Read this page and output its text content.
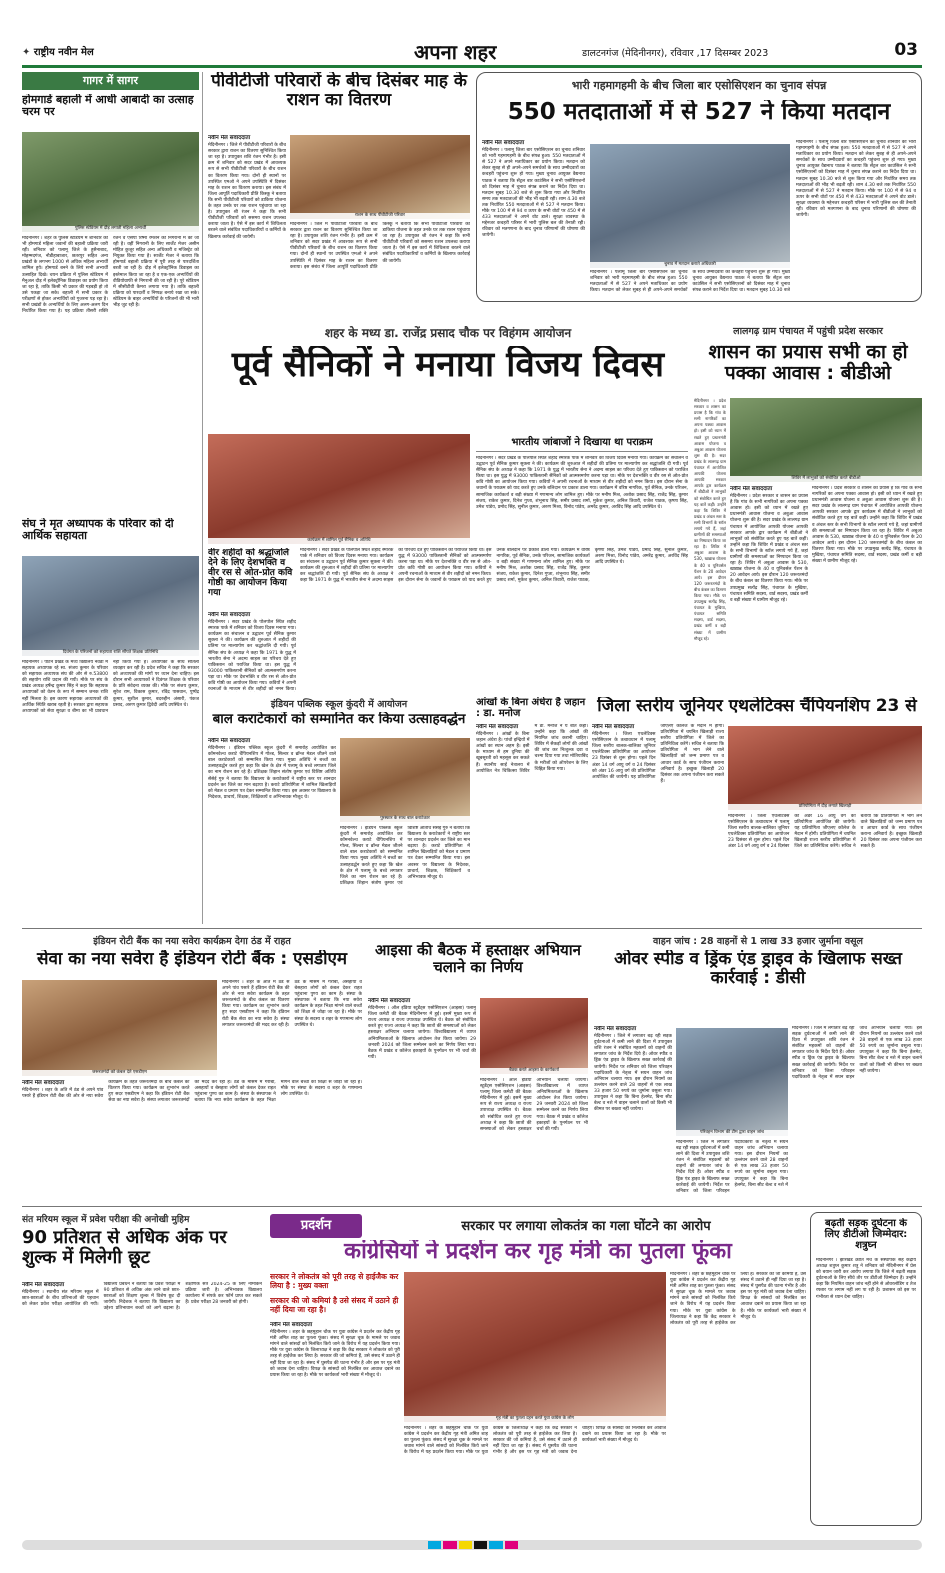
✦ राष्ट्रीय नवीन मेल	अपना शहर	डालटनगंज (मेदिनीनगर), रविवार ,17 दिसम्बर 2023	03
गागर में सागर
होमगार्ड बहाली में आधी आबादी का उत्साह चरम पर
पुलिस स्टेडियम में दौड़ लगाती महिला अभ्यर्थी

मेदिनीनगर । शहर के पुलिस स्टेडियम में शनिवार को भी होमगार्ड महिला जवानों की बहाली प्रक्रिया जारी रही। शनिवार को पलामू जिले के हुसैनाबाद, मोहम्मदगंज, नौडीहाबाजार, छतरपुर सहित अन्य प्रखंडों के लगभग 1000 से अधिक महिला अभ्यर्थी शामिल हुये। होमगार्ड बनने के लिये सभी अभ्यर्थी उत्साहित दिखे। चयन प्रक्रिया में पुलिस स्टेडियम में मैनुअल दौड़ में इलेक्ट्रॉनिक डिवाइस का प्रयोग किया जा रहा है, ताकि किसी भी प्रकार की गड़बड़ी हो तो उसे पकड़ा जा सके। बहाली में सभी प्रकार के परीक्षणों से होकर अभ्यर्थियों को गुजरना पड़ रहा है। सभी प्रखंडों के अभ्यर्थियों के लिए अलग-अलग दिन निर्धारित किया गया है। यह प्रक्रिया तीसरी शक्ति रंजन व एसपी रिष्मा रमेशन की निगरानी में की जा रही है। वहीं निगरानी के लिए सार्जेंट मेजर असीम मोहित कुजूर सहित अन्य अधिकारी व मजिस्ट्रेट को नियुक्त किया गया है। सार्जेंट मेजर ने बताया कि होमगार्ड बहाली प्रक्रिया में पूरी तरह से पारदर्शिता बरती जा रही है। दौड़ में इलेक्ट्रॉनिक डिवाइस का इस्तेमाल किया जा रहा है व एक-एक अभ्यर्थियों की वीडियोग्राफी से निगरानी की जा रही है। पूरे स्टेडियम में सीसीटीवी कैमरा लगाया गया है। ताकि बहाली प्रक्रिया को पारदर्शी व निष्पक्ष बनाये रखा जा सके। स्टेडियम के बाहर अभ्यर्थियों के परिजनों की भी भारी भीड़ जुट रही है।

संघ ने मृत अध्यापक के परिवार को दी आर्थिक सहायता
दिवंगत के परिजनों को सहायता राशि सौंपते शिक्षक प्रतिनिधि

मेदिनीनगर । पाटन प्रखंड के मध्य विद्यालय नवडा में सहायक अध्यापक रहे स्व. संजय कुमार के परिवार को सहायक अध्यापक संघ की ओर से रु.53800 की सहयोग राशि प्रदान की गयी। मौके पर संघ के प्रखंड अध्यक्ष हर्षेन्द्र कुमार सिंह ने कहा कि सहायक अध्यापकों को वेतन के रूप में सम्मान जनक राशि नहीं मिलता है। इस कारण सहायक अध्यापकों की आर्थिक स्थिति खराब रहती है। सरकार द्वारा सहायक अध्यापकों को सेवा सुरक्षा व बीमा का भी प्रावधान नहीं किया गया है। अध्यापकों के साथ सौतेला व्यवहार कर रही है। प्रदेश सचिव ने कहा कि सरकार को अध्यापकों की मांगों पर ध्यान देना चाहिए। इस दौरान सभी अध्यापकों ने दिवंगत शिक्षक के परिवार के प्रति संवेदना व्यक्त की। मौके पर संजय कुमार, सुरेश राम, विकास कुमार, रविंद्र पासवान, पुष्पेंद्र कुमार, सुशील कुमार, बदरुद्दीन अंसारी, पंकज प्रसाद, अरुण कुमार द्विवेदी आदि उपस्थित थे।

पीवीटीजी परिवारों के बीच दिसंबर माह के राशन का वितरण
नवीन मेल संवाददाता

मेदिनीनगर । जिले में पीवीटीजी परिवारों के बीच सरकार द्वारा राशन का वितरण सुनिश्चित किया जा रहा है। उपायुक्त शशि रंजन गंभीर है। इसी क्रम में शनिवार को सदर प्रखंड में आवश्यक रूप से सभी पीवीटीजी परिवारों के बीच राशन का वितरण किया गया। दोनों ही स्थानों पर उपस्थित एमओ ने अपने उपस्थिति में दिसंबर माह के राशन का वितरण कराया। इस संबंध में जिला आपूर्ति पदाधिकारी प्रीति किस्कू ने बताया कि सभी पीवीटीजी परिवारों को डाकिया योजना के तहत उनके घर तक राशन पहुंचाया जा रहा है। उपायुक्त श्री रंजन ने कहा कि सभी पीवीटीजी परिवारों को ससमय राशन उपलब्ध कराया जाता है। ऐसे में इस कार्य में शिथिलता बरतने वाले संबंधित पदाधिकारियों व कर्मियों के खिलाफ कार्रवाई की जायेगी।

राशन के साथ पीवीटीजी परिवार

मेदिनीनगर । जिले में पीवीटीजी परिवारों के बीच सरकार द्वारा राशन का वितरण सुनिश्चित किया जा रहा है। उपायुक्त शशि रंजन गंभीर है। इसी क्रम में शनिवार को सदर प्रखंड में आवश्यक रूप से सभी पीवीटीजी परिवारों के बीच राशन का वितरण किया गया। दोनों ही स्थानों पर उपस्थित एमओ ने अपने उपस्थिति में दिसंबर माह के राशन का वितरण कराया। इस संबंध में जिला आपूर्ति पदाधिकारी प्रीति किस्कू ने बताया कि सभी पीवीटीजी परिवारों को डाकिया योजना के तहत उनके घर तक राशन पहुंचाया जा रहा है। उपायुक्त श्री रंजन ने कहा कि सभी पीवीटीजी परिवारों को ससमय राशन उपलब्ध कराया जाता है। ऐसे में इस कार्य में शिथिलता बरतने वाले संबंधित पदाधिकारियों व कर्मियों के खिलाफ कार्रवाई की जायेगी।

भारी गहमागहमी के बीच जिला बार एसोसिएशन का चुनाव संपन्न
550 मतदाताओं में से 527 ने किया मतदान
नवीन मेल संवाददाता

मेदिनीनगर । पलामू जिला बार एसोसिएशन का चुनाव शनिवार को भारी गहमागहमी के बीच संपन्न हुआ। 550 मतदाताओं में से 527 ने अपने मताधिकार का प्रयोग किया। मतदान को लेकर सुबह से ही अपने-अपने समर्थकों के साथ उम्मीदवारों का कचहरी पहुंचना शुरू हो गया। मुख्य चुनाव आयुक्त वैद्यनाथ पाठक ने बताया कि सेंट्रल बार काउंसिल ने सभी एसोसिएशनों को दिसंबर माह में चुनाव संपन्न कराने का निर्देश दिया था। मतदान सुबह 10.30 बजे से शुरू किया गया और निर्धारित समय तक मतदाताओं की भीड़ भी बढ़ती रही। शाम 4.30 बजे तक निर्धारित 550 मतदाताओं में से 527 ने मतदान किया। मौके पर 100 में से 94 व ऊपर के सभी वोटों पर 450 में से 433 मतदाताओं ने अपने वोट डाले। सुरक्षा व्यवस्था के मद्देनजर कचहरी परिसर में भारी पुलिस बल की तैनाती रही। रविवार को मतगणना के बाद चुनाव परिणामों की घोषणा की जायेगी।

चुनाव में मतदान कराते अधिकारी

मेदिनीनगर । पलामू जिला बार एसोसिएशन का चुनाव शनिवार को भारी गहमागहमी के बीच संपन्न हुआ। 550 मतदाताओं में से 527 ने अपने मताधिकार का प्रयोग किया। मतदान को लेकर सुबह से ही अपने-अपने समर्थकों के साथ उम्मीदवारों का कचहरी पहुंचना शुरू हो गया। मुख्य चुनाव आयुक्त वैद्यनाथ पाठक ने बताया कि सेंट्रल बार काउंसिल ने सभी एसोसिएशनों को दिसंबर माह में चुनाव संपन्न कराने का निर्देश दिया था। मतदान सुबह 10.30 बजे

मेदिनीनगर । पलामू जिला बार एसोसिएशन का चुनाव शनिवार को भारी गहमागहमी के बीच संपन्न हुआ। 550 मतदाताओं में से 527 ने अपने मताधिकार का प्रयोग किया। मतदान को लेकर सुबह से ही अपने-अपने समर्थकों के साथ उम्मीदवारों का कचहरी पहुंचना शुरू हो गया। मुख्य चुनाव आयुक्त वैद्यनाथ पाठक ने बताया कि सेंट्रल बार काउंसिल ने सभी एसोसिएशनों को दिसंबर माह में चुनाव संपन्न कराने का निर्देश दिया था। मतदान सुबह 10.30 बजे से शुरू किया गया और निर्धारित समय तक मतदाताओं की भीड़ भी बढ़ती रही। शाम 4.30 बजे तक निर्धारित 550 मतदाताओं में से 527 ने मतदान किया। मौके पर 100 में से 94 व ऊपर के सभी वोटों पर 450 में से 433 मतदाताओं ने अपने वोट डाले। सुरक्षा व्यवस्था के मद्देनजर कचहरी परिसर में भारी पुलिस बल की तैनाती रही। रविवार को मतगणना के बाद चुनाव परिणामों की घोषणा की जायेगी।

शहर के मध्य डा. राजेंद्र प्रसाद चौक पर विहंगम आयोजन
पूर्व सैनिकों ने मनाया विजय दिवस
कार्यक्रम में शामिल पूर्व सैनिक व अतिथि
भारतीय जांबाजों ने दिखाया था पराक्रम

मेदिनीनगर । सदर प्रखंड के पोलपोल स्थित शहीद स्मारक पार्क में शनिवार को विजय दिवस मनाया गया। कार्यक्रम का संचालन व उद्घाटन पूर्व सैनिक कुमार सुक्ला ने की। कार्यक्रम की शुरुआत में शहीदों की प्रतिमा पर माल्यार्पण कर श्रद्धांजलि दी गयी। पूर्व सैनिक संघ के अध्यक्ष ने कहा कि 1971 के युद्ध में भारतीय सेना ने अदम्य साहस का परिचय देते हुए पाकिस्तान को पराजित किया था। इस युद्ध में 93000 पाकिस्तानी सैनिकों को आत्मसमर्पण करना पड़ा था। मौके पर देशभक्ति व वीर रस से ओत-प्रोत कवि गोष्ठी का आयोजन किया गया। कवियों ने अपनी रचनाओं के माध्यम से वीर शहीदों को नमन किया। इस दौरान सेना के जवानों के पराक्रम को याद करते हुए उनके बलिदान पर प्रकाश डाला गया। कार्यक्रम में वरिष्ठ नागरिक, पूर्व सैनिक, उनके परिजन, सामाजिक कार्यकर्ता व बड़ी संख्या में गणमान्य लोग शामिल हुए। मौके पर मनीष मिश्र, अशोक प्रसाद सिंह, राजेंद्र सिंह, कुमार संजय, राकेश कुमार, दिनेश गुप्ता, शंभूनाथ सिंह, समीर प्रसाद शर्मा, मुकेश कुमार, अनिल तिवारी, राजेश पाठक, कृष्णा सिंह, उमेश पांडेय, प्रमोद सिंह, सुनील कुमार, अरुण मिश्रा, विनोद पांडेय, अमरेंद्र कुमार, अरविंद सिंह आदि उपस्थित थे।

वीर शहीदों को श्रद्धांजलि देने के लिए देशभक्ति व वीर रस से ओत-प्रोत कवि गोष्ठी का आयोजन किया गया
नवीन मेल संवाददाता

मेदिनीनगर । सदर प्रखंड के पोलपोल स्थित शहीद स्मारक पार्क में शनिवार को विजय दिवस मनाया गया। कार्यक्रम का संचालन व उद्घाटन पूर्व सैनिक कुमार सुक्ला ने की। कार्यक्रम की शुरुआत में शहीदों की प्रतिमा पर माल्यार्पण कर श्रद्धांजलि दी गयी। पूर्व सैनिक संघ के अध्यक्ष ने कहा कि 1971 के युद्ध में भारतीय सेना ने अदम्य साहस का परिचय देते हुए पाकिस्तान को पराजित किया था। इस युद्ध में 93000 पाकिस्तानी सैनिकों को आत्मसमर्पण करना पड़ा था। मौके पर देशभक्ति व वीर रस से ओत-प्रोत कवि गोष्ठी का आयोजन किया गया। कवियों ने अपनी रचनाओं के माध्यम से वीर शहीदों को नमन किया।

मेदिनीनगर । सदर प्रखंड के पोलपोल स्थित शहीद स्मारक पार्क में शनिवार को विजय दिवस मनाया गया। कार्यक्रम का संचालन व उद्घाटन पूर्व सैनिक कुमार सुक्ला ने की। कार्यक्रम की शुरुआत में शहीदों की प्रतिमा पर माल्यार्पण कर श्रद्धांजलि दी गयी। पूर्व सैनिक संघ के अध्यक्ष ने कहा कि 1971 के युद्ध में भारतीय सेना ने अदम्य साहस का परिचय देते हुए पाकिस्तान को पराजित किया था। इस युद्ध में 93000 पाकिस्तानी सैनिकों को आत्मसमर्पण करना पड़ा था। मौके पर देशभक्ति व वीर रस से ओत-प्रोत कवि गोष्ठी का आयोजन किया गया। कवियों ने अपनी रचनाओं के माध्यम से वीर शहीदों को नमन किया। इस दौरान सेना के जवानों के पराक्रम को याद करते हुए उनके बलिदान पर प्रकाश डाला गया। कार्यक्रम में वरिष्ठ नागरिक, पूर्व सैनिक, उनके परिजन, सामाजिक कार्यकर्ता व बड़ी संख्या में गणमान्य लोग शामिल हुए। मौके पर मनीष मिश्र, अशोक प्रसाद सिंह, राजेंद्र सिंह, कुमार संजय, राकेश कुमार, दिनेश गुप्ता, शंभूनाथ सिंह, समीर प्रसाद शर्मा, मुकेश कुमार, अनिल तिवारी, राजेश पाठक, कृष्णा सिंह, उमेश पांडेय, प्रमोद सिंह, सुनील कुमार, अरुण मिश्रा, विनोद पांडेय, अमरेंद्र कुमार, अरविंद सिंह आदि उपस्थित थे।

लालगढ़ ग्राम पंचायत में पहुंची प्रदेश सरकार
शासन का प्रयास सभी का हो पक्का आवास : बीडीओ
शिविर में लाभुकों को संबोधित करते बीडीओ
नवीन मेल संवाददाता

मेदिनीनगर । प्रदेश सरकार व शासन का प्रयास है कि गांव के सभी नागरिकों का अपना पक्का आवास हो। इसी को ध्यान में रखते हुए प्रधानमंत्री आवास योजना व अबुआ आवास योजना शुरू की है। सदर प्रखंड के लालगढ़ ग्राम पंचायत में आयोजित आपकी योजना आपकी सरकार आपके द्वार कार्यक्रम में बीडीओ ने लाभुकों को संबोधित करते हुए यह बातें कहीं। उन्होंने कहा कि शिविर में प्रखंड व अंचल स्तर के सभी विभागों के स्टॉल लगाये गये हैं, जहां ग्रामीणों की समस्याओं का निष्पादन किया जा रहा है। शिविर में अबुआ आवास के 530, खाद्यान्न योजना के 40 व यूनिवर्सल पेंशन के 20 आवेदन आये। इस दौरान 120 जरूरतमंदों के बीच कंबल का वितरण किया गया। मौके पर उपप्रमुख सत्येंद्र सिंह, पंचायत के मुखिया, पंचायत समिति सदस्य, वार्ड सदस्य, प्रखंड कर्मी व बड़ी संख्या में ग्रामीण मौजूद रहे।

मेदिनीनगर । प्रदेश सरकार व शासन का प्रयास है कि गांव के सभी नागरिकों का अपना पक्का आवास हो। इसी को ध्यान में रखते हुए प्रधानमंत्री आवास योजना व अबुआ आवास योजना शुरू की है। सदर प्रखंड के लालगढ़ ग्राम पंचायत में आयोजित आपकी योजना आपकी सरकार आपके द्वार कार्यक्रम में बीडीओ ने लाभुकों को संबोधित करते हुए यह बातें कहीं। उन्होंने कहा कि शिविर में प्रखंड व अंचल स्तर के सभी विभागों के स्टॉल लगाये गये हैं, जहां ग्रामीणों की समस्याओं का निष्पादन किया जा रहा है। शिविर में अबुआ आवास के 530, खाद्यान्न योजना के 40 व यूनिवर्सल पेंशन के 20 आवेदन आये। इस दौरान 120 जरूरतमंदों के बीच कंबल का वितरण किया गया। मौके पर उपप्रमुख सत्येंद्र सिंह, पंचायत के मुखिया, पंचायत समिति सदस्य, वार्ड सदस्य, प्रखंड कर्मी व बड़ी संख्या में ग्रामीण मौजूद रहे।

मेदिनीनगर । प्रदेश सरकार व शासन का प्रयास है कि गांव के सभी नागरिकों का अपना पक्का आवास हो। इसी को ध्यान में रखते हुए प्रधानमंत्री आवास योजना व अबुआ आवास योजना शुरू की है। सदर प्रखंड के लालगढ़ ग्राम पंचायत में आयोजित आपकी योजना आपकी सरकार आपके द्वार कार्यक्रम में बीडीओ ने लाभुकों को संबोधित करते हुए यह बातें कहीं। उन्होंने कहा कि शिविर में प्रखंड व अंचल स्तर के सभी विभागों के स्टॉल लगाये गये हैं, जहां ग्रामीणों की समस्याओं का निष्पादन किया जा रहा है। शिविर में अबुआ आवास के 530, खाद्यान्न योजना के 40 व यूनिवर्सल पेंशन के 20 आवेदन आये। इस दौरान 120 जरूरतमंदों के बीच कंबल का वितरण किया गया। मौके पर उपप्रमुख सत्येंद्र सिंह, पंचायत के मुखिया, पंचायत समिति सदस्य, वार्ड सदस्य, प्रखंड कर्मी व बड़ी संख्या में ग्रामीण मौजूद रहे।

इंडियन पब्लिक स्कूल कुंदरी में आयोजन
बाल कराटेकारों को सम्मानित कर किया उत्साहवर्द्धन
नवीन मेल संवाददाता

मेदिनीनगर । इंडियन पब्लिक स्कूल कुंदरी में समारोह आयोजित कर कॉमनवेल्थ कराटे चैंपियनशिप में गोल्ड, सिल्वर व ब्रॉन्ज मेडल जीतने वाले बाल कराटेकारों को सम्मानित किया गया। मुख्य अतिथि ने बच्चों का उत्साहवर्द्धन करते हुए कहा कि खेल के क्षेत्र में पलामू के बच्चे लगातार जिले का नाम रोशन कर रहे हैं। प्रशिक्षक शिहान संतोष कुमार एवं विशिष्ट अतिथि सेंसेई गुरु ने बताया कि विद्यालय के कराटेकारों ने राष्ट्रीय स्तर पर शानदार प्रदर्शन कर जिले का मान बढ़ाया है। कराटे प्रतियोगिता में शामिल खिलाड़ियों को मेडल व प्रमाण पत्र देकर सम्मानित किया गया। इस अवसर पर विद्यालय के निदेशक, प्राचार्य, शिक्षक, शिक्षिकायें व अभिभावक मौजूद थे।

पुरस्कार के साथ बाल कराटेकार

मेदिनीनगर । इंडियन पब्लिक स्कूल कुंदरी में समारोह आयोजित कर कॉमनवेल्थ कराटे चैंपियनशिप में गोल्ड, सिल्वर व ब्रॉन्ज मेडल जीतने वाले बाल कराटेकारों को सम्मानित किया गया। मुख्य अतिथि ने बच्चों का उत्साहवर्द्धन करते हुए कहा कि खेल के क्षेत्र में पलामू के बच्चे लगातार जिले का नाम रोशन कर रहे हैं। प्रशिक्षक शिहान संतोष कुमार एवं विशिष्ट अतिथि सेंसेई गुरु ने बताया कि विद्यालय के कराटेकारों ने राष्ट्रीय स्तर पर शानदार प्रदर्शन कर जिले का मान बढ़ाया है। कराटे प्रतियोगिता में शामिल खिलाड़ियों को मेडल व प्रमाण पत्र देकर सम्मानित किया गया। इस अवसर पर विद्यालय के निदेशक, प्राचार्य, शिक्षक, शिक्षिकायें व अभिभावक मौजूद थे।

आंखों के बिना अंधेरा है जहान : डा. मनोज
नवीन मेल संवाददाता

मेदिनीनगर । आंखों के बिना जहान अंधेरा है। पांचों इन्द्रियों में आंखों का स्थान अहम है। इसी के माध्यम से हम दुनिया की खूबसूरती को महसूस कर सकते हैं। स्थानीय साईं नेत्रालय में आयोजित नेत्र चिकित्सा शिविर में डा. मनोज ने ये बातें कहीं। उन्होंने कहा कि आंखों की नियमित जांच करानी चाहिए। शिविर में सैकड़ों लोगों की आंखों की जांच कर निःशुल्क दवा व चश्मा दिया गया तथा मोतियाबिंद के मरीजों को ऑपरेशन के लिए चिह्नित किया गया।

जिला स्तरीय जूनियर एथलेटिक्स चैंपियनशिप 23 से
नवीन मेल संवाददाता

मेदिनीनगर । जिला एथलेटिक्स एसोसिएशन के तत्वावधान में पलामू जिला स्तरीय बालक-बालिका जूनियर एथलेटिक्स प्रतियोगिता का आयोजन 23 दिसंबर से शुरू होगा। पहले दिन अंडर 14 वर्ग आयु वर्ग व 24 दिसंबर को अंडर 16 आयु वर्ग की प्रतियोगिता आयोजित की जायेगी। यह प्रतियोगिता जीएलए कॉलेज के मैदान में होगी। प्रतियोगिता में चयनित खिलाड़ी राज्य स्तरीय प्रतियोगिता में जिले का प्रतिनिधित्व करेंगे। सचिव ने बताया कि प्रतियोगिता में भाग लेने वाले खिलाड़ियों को जन्म प्रमाण पत्र व आधार कार्ड के साथ पंजीयन कराना अनिवार्य है। इच्छुक खिलाड़ी 20 दिसंबर तक अपना पंजीयन करा सकते हैं।

प्रतियोगिता में दौड़ लगाते खिलाड़ी

मेदिनीनगर । जिला एथलेटिक्स एसोसिएशन के तत्वावधान में पलामू जिला स्तरीय बालक-बालिका जूनियर एथलेटिक्स प्रतियोगिता का आयोजन 23 दिसंबर से शुरू होगा। पहले दिन अंडर 14 वर्ग आयु वर्ग व 24 दिसंबर को अंडर 16 आयु वर्ग की प्रतियोगिता आयोजित की जायेगी। यह प्रतियोगिता जीएलए कॉलेज के मैदान में होगी। प्रतियोगिता में चयनित खिलाड़ी राज्य स्तरीय प्रतियोगिता में जिले का प्रतिनिधित्व करेंगे। सचिव ने बताया कि प्रतियोगिता में भाग लेने वाले खिलाड़ियों को जन्म प्रमाण पत्र व आधार कार्ड के साथ पंजीयन कराना अनिवार्य है। इच्छुक खिलाड़ी 20 दिसंबर तक अपना पंजीयन करा सकते हैं।

इंडियन रोटी बैंक का नया सवेरा कार्यक्रम देगा ठंड में राहत
सेवा का नया सवेरा है इंडियन रोटी बैंक : एसडीएम
जरूरतमंदों को कंबल देते एसडीएम

मेदिनीनगर । शहर के अति में ठंड से अपने पांव पसारे हैं इंडियन रोटी बैंक की ओर से नया सवेरा कार्यक्रम के तहत जरूरतमंदों के बीच कंबल का वितरण किया गया। कार्यक्रम का शुभारंभ करते हुए सदर एसडीएम ने कहा कि इंडियन रोटी बैंक सेवा का नया सवेरा है। संस्था लगातार जरूरतमंदों की मदद कर रही है। ठंड के मौसम में गरीबों, असहायों व बेसहारा लोगों को कंबल देकर राहत पहुंचाना पुण्य का काम है। संस्था के संस्थापक ने बताया कि नया सवेरा कार्यक्रम के तहत भिक्षा मांगने वाले बच्चों को शिक्षा से जोड़ा जा रहा है। मौके पर संस्था के सदस्य व शहर के गणमान्य लोग उपस्थित थे।

नवीन मेल संवाददाता

मेदिनीनगर । शहर के अति में ठंड से अपने पांव पसारे हैं इंडियन रोटी बैंक की ओर से नया सवेरा कार्यक्रम के तहत जरूरतमंदों के बीच कंबल का वितरण किया गया। कार्यक्रम का शुभारंभ करते हुए सदर एसडीएम ने कहा कि इंडियन रोटी बैंक सेवा का नया सवेरा है। संस्था लगातार जरूरतमंदों की मदद कर रही है। ठंड के मौसम में गरीबों, असहायों व बेसहारा लोगों को कंबल देकर राहत पहुंचाना पुण्य का काम है। संस्था के संस्थापक ने बताया कि नया सवेरा कार्यक्रम के तहत भिक्षा मांगने वाले बच्चों को शिक्षा से जोड़ा जा रहा है। मौके पर संस्था के सदस्य व शहर के गणमान्य लोग उपस्थित थे।

आइसा की बैठक में हस्ताक्षर अभियान चलाने का निर्णय
नवीन मेल संवाददाता

मेदिनीनगर । ऑल इंडिया स्टूडेंट्स एसोसिएशन (आइसा) पलामू जिला कमेटी की बैठक मेदिनीनगर में हुई। इसमें मुख्य रूप से राज्य अध्यक्ष व राज्य उपाध्यक्ष उपस्थित थे। बैठक को संबोधित करते हुए राज्य अध्यक्ष ने कहा कि छात्रों की समस्याओं को लेकर हस्ताक्षर अभियान चलाया जायेगा। विश्वविद्यालय में व्याप्त अनियमितताओं के खिलाफ आंदोलन तेज किया जायेगा। 29 जनवरी 2024 को जिला सम्मेलन करने का निर्णय लिया गया। बैठक में प्रखंड व कॉलेज इकाइयों के पुनर्गठन पर भी चर्चा की गयी।

बैठक करते आइसा के कार्यकर्ता

मेदिनीनगर । ऑल इंडिया स्टूडेंट्स एसोसिएशन (आइसा) पलामू जिला कमेटी की बैठक मेदिनीनगर में हुई। इसमें मुख्य रूप से राज्य अध्यक्ष व राज्य उपाध्यक्ष उपस्थित थे। बैठक को संबोधित करते हुए राज्य अध्यक्ष ने कहा कि छात्रों की समस्याओं को लेकर हस्ताक्षर अभियान चलाया जायेगा। विश्वविद्यालय में व्याप्त अनियमितताओं के खिलाफ आंदोलन तेज किया जायेगा। 29 जनवरी 2024 को जिला सम्मेलन करने का निर्णय लिया गया। बैठक में प्रखंड व कॉलेज इकाइयों के पुनर्गठन पर भी चर्चा की गयी।

वाहन जांच : 28 वाहनों से 1 लाख 33 हजार जुर्माना वसूल
ओवर स्पीड व ड्रिंक एंड ड्राइव के खिलाफ सख्त कार्रवाई : डीसी
नवीन मेल संवाददाता

मेदिनीनगर । जिले में लगातार बढ़ रही सड़क दुर्घटनाओं में कमी लाने की दिशा में उपायुक्त शशि रंजन ने संबंधित महकमों को वाहनों की लगातार जांच के निर्देश दिये हैं। ओवर स्पीड व ड्रिंक एंड ड्राइव के खिलाफ सख्त कार्रवाई की जायेगी। निर्देश पर शनिवार को जिला परिवहन पदाधिकारी के नेतृत्व में सघन वाहन जांच अभियान चलाया गया। इस दौरान नियमों का उल्लंघन करने वाले 28 वाहनों से एक लाख 33 हजार 50 रुपये का जुर्माना वसूला गया। उपायुक्त ने कहा कि बिना हेलमेट, बिना सीट बेल्ट व नशे में वाहन चलाने वालों को किसी भी कीमत पर बख्शा नहीं जायेगा।

परिवहन विभाग की टीम द्वारा वाहन जांच

मेदिनीनगर । जिले में लगातार बढ़ रही सड़क दुर्घटनाओं में कमी लाने की दिशा में उपायुक्त शशि रंजन ने संबंधित महकमों को वाहनों की लगातार जांच के निर्देश दिये हैं। ओवर स्पीड व ड्रिंक एंड ड्राइव के खिलाफ सख्त कार्रवाई की जायेगी। निर्देश पर शनिवार को जिला परिवहन पदाधिकारी के नेतृत्व में सघन वाहन जांच अभियान चलाया गया। इस दौरान नियमों का उल्लंघन करने वाले 28 वाहनों से एक लाख 33 हजार 50 रुपये का जुर्माना वसूला गया। उपायुक्त ने कहा कि बिना हेलमेट, बिना सीट बेल्ट व नशे में

मेदिनीनगर । जिले में लगातार बढ़ रही सड़क दुर्घटनाओं में कमी लाने की दिशा में उपायुक्त शशि रंजन ने संबंधित महकमों को वाहनों की लगातार जांच के निर्देश दिये हैं। ओवर स्पीड व ड्रिंक एंड ड्राइव के खिलाफ सख्त कार्रवाई की जायेगी। निर्देश पर शनिवार को जिला परिवहन पदाधिकारी के नेतृत्व में सघन वाहन जांच अभियान चलाया गया। इस दौरान नियमों का उल्लंघन करने वाले 28 वाहनों से एक लाख 33 हजार 50 रुपये का जुर्माना वसूला गया। उपायुक्त ने कहा कि बिना हेलमेट, बिना सीट बेल्ट व नशे में वाहन चलाने वालों को किसी भी कीमत पर बख्शा नहीं जायेगा।

संत मरियम स्कूल में प्रवेश परीक्षा की अनोखी मुहिम
90 प्रतिशत से अधिक अंक पर शुल्क में मिलेगी छूट
नवीन मेल संवाददाता

मेदिनीनगर । स्थानीय संत मरियम स्कूल में छात्र-छात्राओं के बीच प्रतिभाओं की पहचान को लेकर प्रवेश परीक्षा आयोजित की गयी। विद्यालय प्रबंधन ने बताया कि प्रवेश परीक्षा में 90 प्रतिशत से अधिक अंक लाने वाले छात्र-छात्राओं को शिक्षण शुल्क में विशेष छूट दी जायेगी। निदेशक ने बताया कि विद्यालय का उद्देश्य प्रतिभावान बच्चों को आगे बढ़ाना है। शैक्षणिक सत्र 2024-25 के लिए नामांकन प्रक्रिया जारी है। अभिभावक विद्यालय कार्यालय में संपर्क कर फॉर्म प्राप्त कर सकते हैं। प्रवेश परीक्षा 28 जनवरी को होगी।

प्रदर्शन	सरकार पर लगाया लोकतंत्र का गला घोंटने का आरोप
कांग्रेसियों ने प्रदर्शन कर गृह मंत्री का पुतला फूंका
सरकार ने लोकतंत्र को पूरी तरह से हाईजैक कर लिया है : मुख्य वक्ता
सरकार की जो कमियां है उसे संसद में उठाने ही नहीं दिया जा रहा है।
नवीन मेल संवाददाता

मेदिनीनगर । शहर के छहमुहान चौक पर युवा कांग्रेस ने प्रदर्शन कर केंद्रीय गृह मंत्री अमित शाह का पुतला फूंका। संसद में सुरक्षा चूक के मामले पर जवाब मांगने वाले सांसदों को निलंबित किये जाने के विरोध में यह प्रदर्शन किया गया। मौके पर युवा कांग्रेस के जिलाध्यक्ष ने कहा कि केंद्र सरकार ने लोकतंत्र को पूरी तरह से हाईजैक कर लिया है। सरकार की जो कमियां हैं, उसे संसद में उठाने ही नहीं दिया जा रहा है। संसद में घुसपैठ की घटना गंभीर है और इस पर गृह मंत्री को जवाब देना चाहिए। विपक्ष के सांसदों को निलंबित कर आवाज दबाने का प्रयास किया जा रहा है। मौके पर कार्यकर्ता भारी संख्या में मौजूद थे।

गृह मंत्री का पुतला दहन करते युवा कांग्रेस के लोग

मेदिनीनगर । शहर के छहमुहान चौक पर युवा कांग्रेस ने प्रदर्शन कर केंद्रीय गृह मंत्री अमित शाह का पुतला फूंका। संसद में सुरक्षा चूक के मामले पर जवाब मांगने वाले सांसदों को निलंबित किये जाने के विरोध में यह प्रदर्शन किया गया। मौके पर युवा कांग्रेस के जिलाध्यक्ष ने कहा कि केंद्र सरकार ने लोकतंत्र को पूरी तरह से हाईजैक कर लिया है। सरकार की जो कमियां हैं, उसे संसद में उठाने ही नहीं दिया जा रहा है। संसद में घुसपैठ की घटना गंभीर है और इस पर गृह मंत्री को जवाब देना चाहिए। विपक्ष के सांसदों को निलंबित कर आवाज दबाने का प्रयास किया जा रहा है। मौके पर कार्यकर्ता भारी संख्या में मौजूद थे।

मेदिनीनगर । शहर के छहमुहान चौक पर युवा कांग्रेस ने प्रदर्शन कर केंद्रीय गृह मंत्री अमित शाह का पुतला फूंका। संसद में सुरक्षा चूक के मामले पर जवाब मांगने वाले सांसदों को निलंबित किये जाने के विरोध में यह प्रदर्शन किया गया। मौके पर युवा कांग्रेस के जिलाध्यक्ष ने कहा कि केंद्र सरकार ने लोकतंत्र को पूरी तरह से हाईजैक कर लिया है। सरकार की जो कमियां हैं, उसे संसद में उठाने ही नहीं दिया जा रहा है। संसद में घुसपैठ की घटना गंभीर है और इस पर गृह मंत्री को जवाब देना चाहिए। विपक्ष के सांसदों को निलंबित कर आवाज दबाने का प्रयास किया जा रहा है। मौके पर कार्यकर्ता भारी संख्या में मौजूद थे।

बढ़ती सड़क दुर्घटना के लिए डीटीओ जिम्मेदार: शत्रुघ्न

मेदिनीनगर । झारखंड क्रांति मंच के संस्थापक सह केंद्रीय अध्यक्ष शत्रुघ्न कुमार शत्रु ने शनिवार को मेदिनीनगर में प्रेस को बयान जारी कर आरोप लगाया कि जिले में बढ़ती सड़क दुर्घटनाओं के लिए सीधे तौर पर डीटीओ जिम्मेदार हैं। उन्होंने कहा कि नियमित वाहन जांच नहीं होने से ओवरलोडिंग व तेज रफ्तार पर लगाम नहीं लग पा रही है। प्रशासन को इस पर गंभीरता से ध्यान देना चाहिए।
